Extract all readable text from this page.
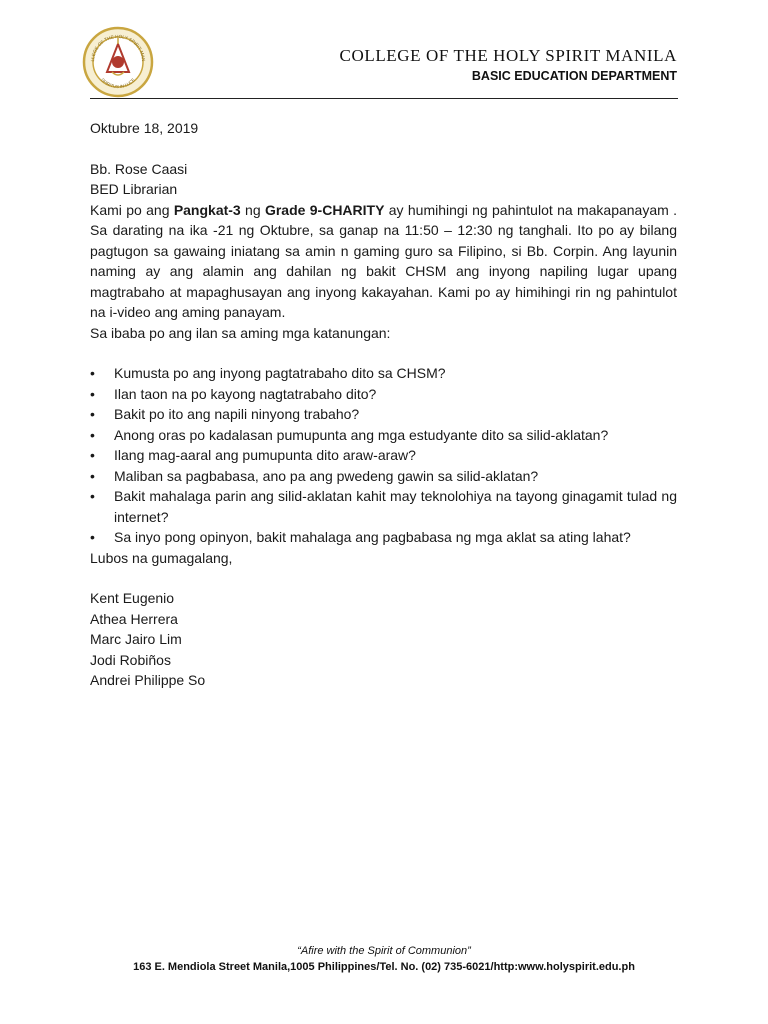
LLEGE OF THE HOLY SPIRIT MAN
SPIRITUS IN LUCE
COLLEGE OF THE HOLY SPIRIT MANILA
BASIC EDUCATION DEPARTMENT

Oktubre 18, 2019

Bb. Rose Caasi

BED Librarian

Kami po ang Pangkat-3 ng Grade 9-CHARITY ay humihingi ng pahintulot na makapanayam . Sa darating na ika -21 ng Oktubre, sa ganap na 11:50 – 12:30 ng tanghali. Ito po ay bilang pagtugon sa gawaing iniatang sa amin n gaming guro sa Filipino, si Bb. Corpin. Ang layunin naming ay ang alamin ang dahilan ng bakit CHSM ang inyong napiling lugar upang magtrabaho at mapaghusayan ang inyong kakayahan. Kami po ay himihingi rin ng pahintulot na i-video ang aming panayam.

Sa ibaba po ang ilan sa aming mga katanungan:

• Kumusta po ang inyong pagtatrabaho dito sa CHSM?
• Ilan taon na po kayong nagtatrabaho dito?
• Bakit po ito ang napili ninyong trabaho?
• Anong oras po kadalasan pumupunta ang mga estudyante dito sa silid-aklatan?
• Ilang mag-aaral ang pumupunta dito araw-araw?
• Maliban sa pagbabasa, ano pa ang pwedeng gawin sa silid-aklatan?
• Bakit mahalaga parin ang silid-aklatan kahit may teknolohiya na tayong ginagamit tulad ng internet?
• Sa inyo pong opinyon, bakit mahalaga ang pagbabasa ng mga aklat sa ating lahat?

Lubos na gumagalang,

Kent Eugenio
Athea Herrera
Marc Jairo Lim
Jodi Robiños
Andrei Philippe So
“Afire with the Spirit of Communion”
163 E. Mendiola Street Manila,1005 Philippines/Tel. No. (02) 735-6021/http:www.holyspirit.edu.ph
